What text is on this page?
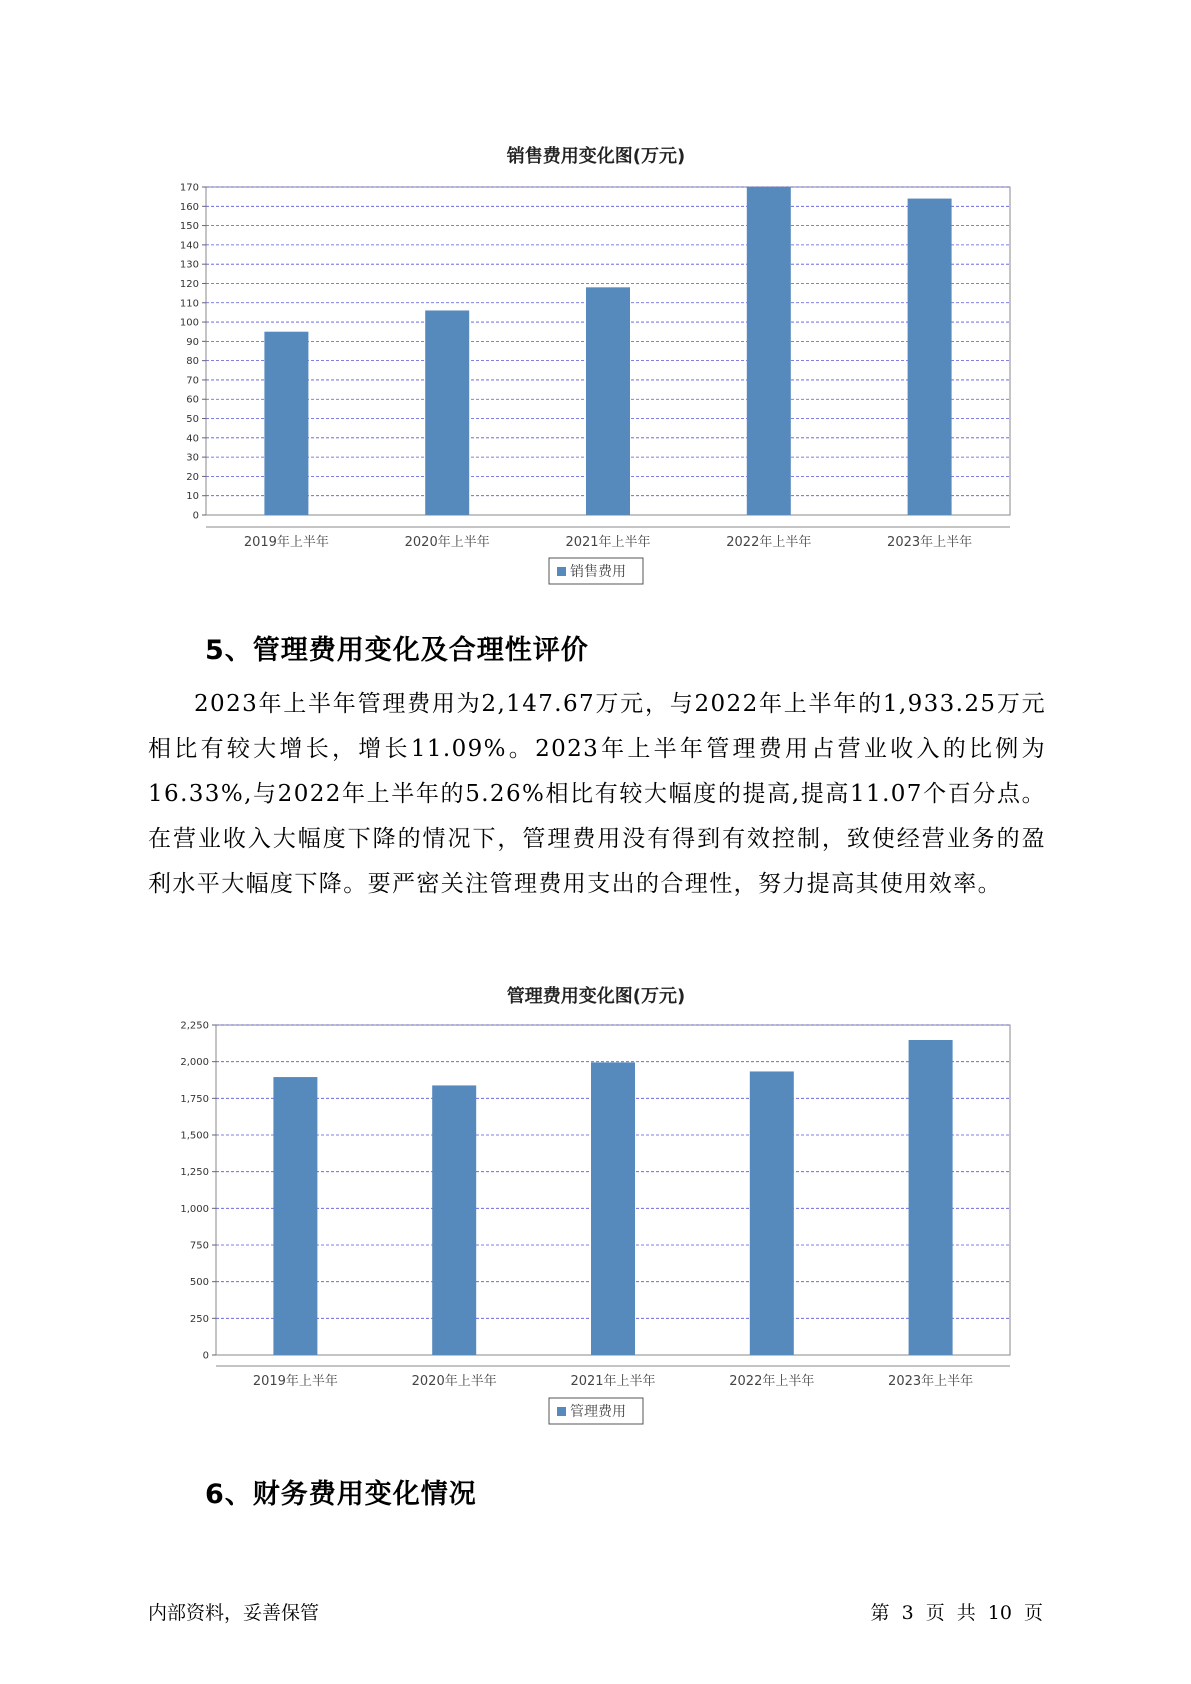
销售费用变化图(万元)
0
10
20
30
40
50
60
70
80
90
100
110
120
130
140
150
160
170
2019年上半年	2020年上半年	2021年上半年	2022年上半年	2023年上半年
销售费用
5、管理费用变化及合理性评价

2023年上半年管理费用为2,147.67万元，与2022年上半年的1,933.25万元相比有较大增长，增长11.09%。2023年上半年管理费用占营业收入的比例为16.33%,与2022年上半年的5.26%相比有较大幅度的提高,提高11.07个百分点。在营业收入大幅度下降的情况下，管理费用没有得到有效控制，致使经营业务的盈利水平大幅度下降。要严密关注管理费用支出的合理性，努力提高其使用效率。

管理费用变化图(万元)
0
250
500
750
1,000
1,250
1,500
1,750
2,000
2,250
2019年上半年	2020年上半年	2021年上半年	2022年上半年	2023年上半年
管理费用
6、财务费用变化情况
内部资料，妥善保管	第 3 页 共 10 页
